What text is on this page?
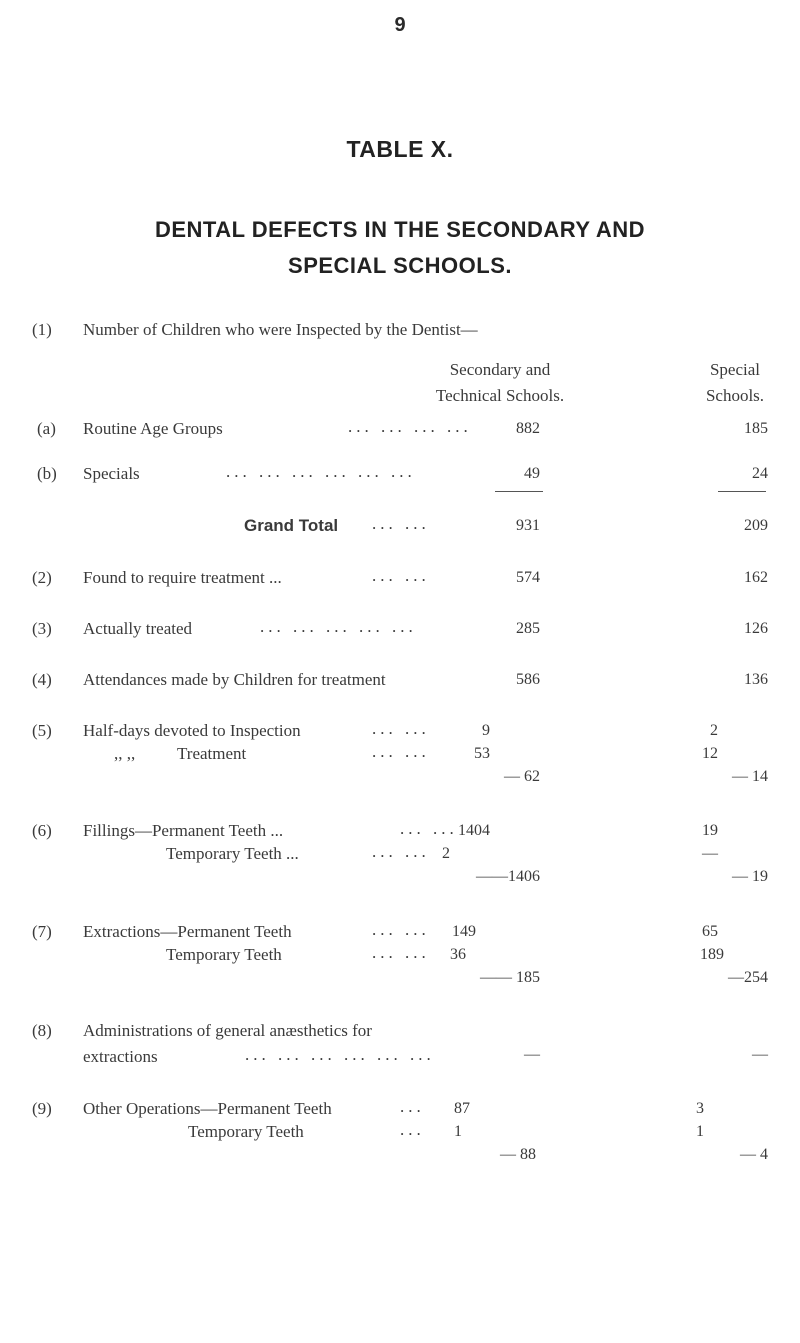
9
TABLE X.
DENTAL DEFECTS IN THE SECONDARY AND
SPECIAL SCHOOLS.
(1) Number of Children who were Inspected by the Dentist—
Secondary and
Technical Schools.
Special
Schools.
(a) Routine Age Groups	... ... ... ...	882	185
(b) Specials	... ... ... ... ... ...	49	24
Grand Total ... ...	931	209
(2) Found to require treatment ...	... ...	574	162
(3) Actually treated	... ... ... ... ...	285	126
(4) Attendances made by Children for treatment	586	136
(5) Half-days devoted to Inspection	... ...	9	2
,, ,, Treatment	... ...	53	12
— 62	— 14
(6) Fillings—Permanent Teeth ...	... ... 1404	19
Temporary Teeth ...	... ... 2	—
——1406	— 19
(7) Extractions—Permanent Teeth	... ...	149	65
Temporary Teeth	... ...	36	189
—— 185	—254
(8) Administrations of general anæsthetics for
extractions	... ... ... ... ... ...	—	—
(9) Other Operations—Permanent Teeth	...	87	3
Temporary Teeth	...	1	1
— 88	— 4
